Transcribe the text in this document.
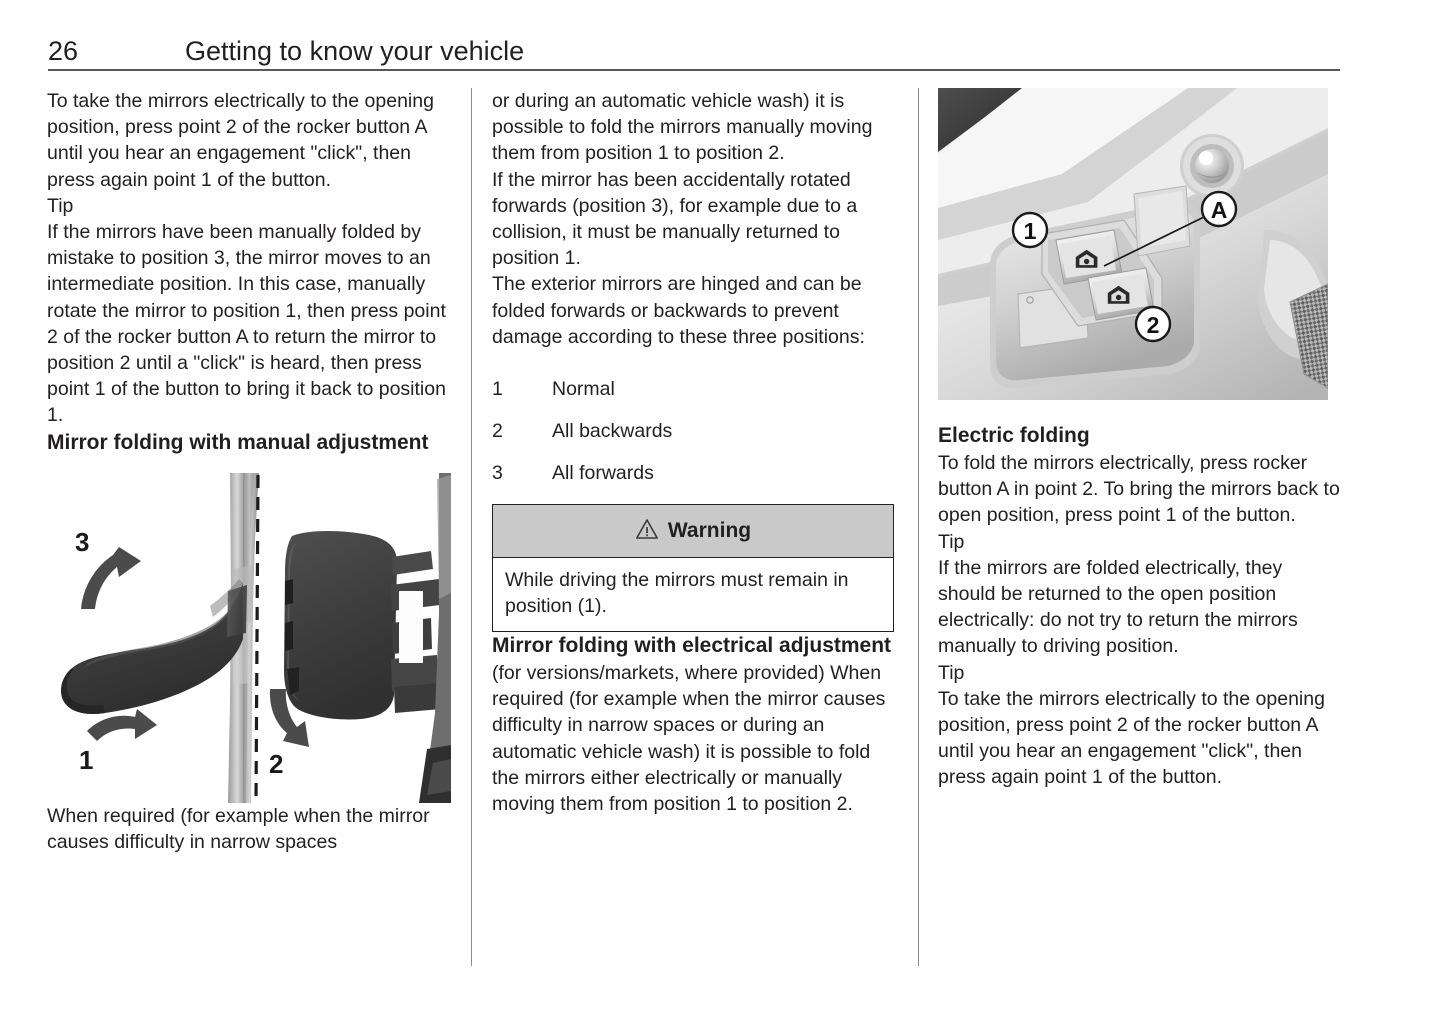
26	Getting to know your vehicle

To take the mirrors electrically to the opening position, press point 2 of the rocker button A until you hear an engagement "click", then press again point 1 of the button.

Tip

If the mirrors have been manually folded by mistake to position 3, the mirror moves to an intermediate position. In this case, manually rotate the mirror to position 1, then press point 2 of the rocker button A to return the mirror to position 2 until a "click" is heard, then press point 1 of the button to bring it back to position 1.

Mirror folding with manual adjustment
3
1	2

When required (for example when the mirror causes difficulty in narrow spaces

or during an automatic vehicle wash) it is possible to fold the mirrors manually moving them from position 1 to position 2.

If the mirror has been accidentally rotated forwards (position 3), for example due to a collision, it must be manually returned to position 1.

The exterior mirrors are hinged and can be folded forwards or backwards to prevent damage according to these three positions:

1	Normal
2	All backwards
3	All forwards
Warning

While driving the mirrors must remain in position (1).

Mirror folding with electrical adjustment

(for versions/markets, where provided) When required (for example when the mirror causes difficulty in narrow spaces or during an automatic vehicle wash) it is possible to fold the mirrors either electrically or manually moving them from position 1 to position 2.

A
1
2
Electric folding

To fold the mirrors electrically, press rocker button A in point 2. To bring the mirrors back to open position, press point 1 of the button.

Tip

If the mirrors are folded electrically, they should be returned to the open position electrically: do not try to return the mirrors manually to driving position.

Tip

To take the mirrors electrically to the opening position, press point 2 of the rocker button A until you hear an engagement "click", then press again point 1 of the button.
